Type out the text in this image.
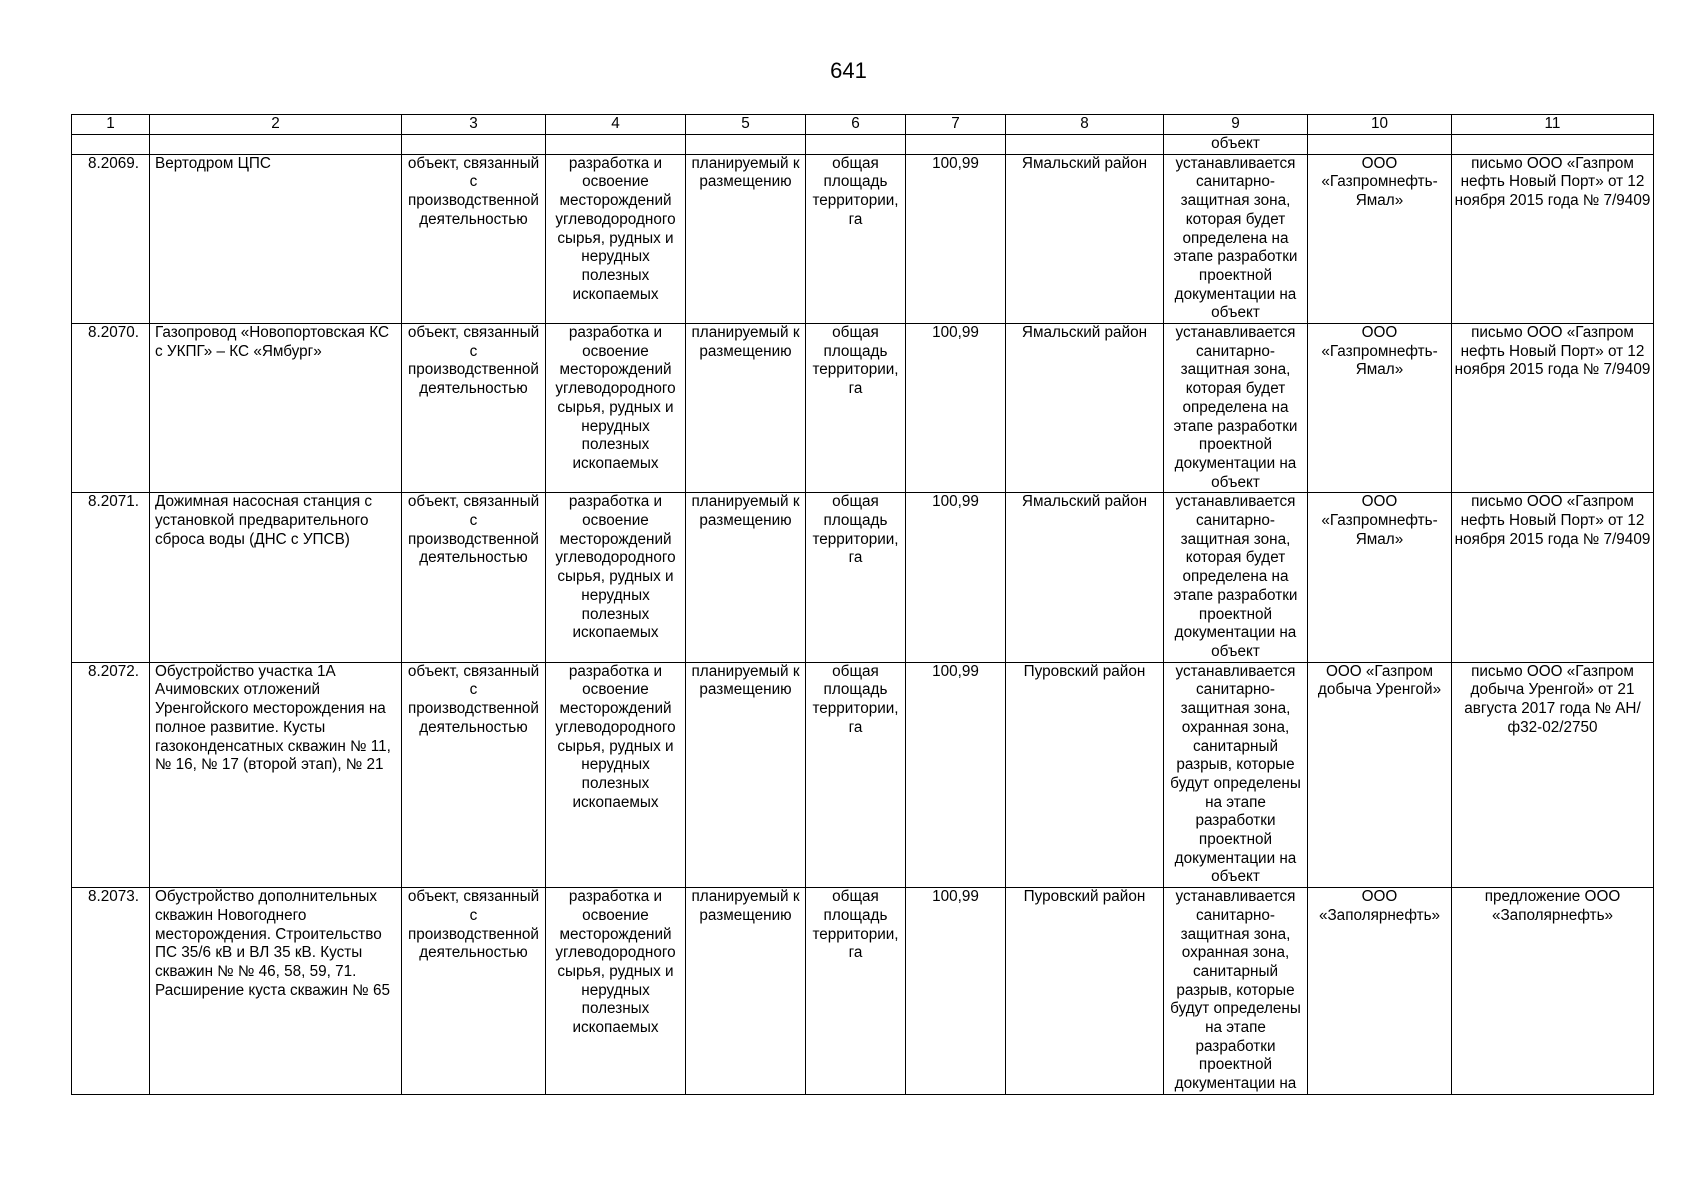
641
1	2	3	4	5	6	7	8	9	10	11
								объект		
8.2069.	Вертодром ЦПС	объект, связанный с производственной деятельностью	разработка и освоение месторождений углеводородного сырья, рудных и нерудных полезных ископаемых	планируемый к размещению	общая площадь территории, га	100,99	Ямальский район	устанавливается санитарно-защитная зона, которая будет определена на этапе разработки проектной документации на объект	ООО «Газпромнефть-Ямал»	письмо ООО «Газпром нефть Новый Порт» от 12 ноября 2015 года № 7/9409
8.2070.	Газопровод «Новопортовская КС с УКПГ» – КС «Ямбург»	объект, связанный с производственной деятельностью	разработка и освоение месторождений углеводородного сырья, рудных и нерудных полезных ископаемых	планируемый к размещению	общая площадь территории, га	100,99	Ямальский район	устанавливается санитарно-защитная зона, которая будет определена на этапе разработки проектной документации на объект	ООО «Газпромнефть-Ямал»	письмо ООО «Газпром нефть Новый Порт» от 12 ноября 2015 года № 7/9409
8.2071.	Дожимная насосная станция с установкой предварительного сброса воды (ДНС с УПСВ)	объект, связанный с производственной деятельностью	разработка и освоение месторождений углеводородного сырья, рудных и нерудных полезных ископаемых	планируемый к размещению	общая площадь территории, га	100,99	Ямальский район	устанавливается санитарно-защитная зона, которая будет определена на этапе разработки проектной документации на объект	ООО «Газпромнефть-Ямал»	письмо ООО «Газпром нефть Новый Порт» от 12 ноября 2015 года № 7/9409
8.2072.	Обустройство участка 1А Ачимовских отложений Уренгойского месторождения на полное развитие. Кусты газоконденсатных скважин № 11, № 16, № 17 (второй этап), № 21	объект, связанный с производственной деятельностью	разработка и освоение месторождений углеводородного сырья, рудных и нерудных полезных ископаемых	планируемый к размещению	общая площадь территории, га	100,99	Пуровский район	устанавливается санитарно-защитная зона, охранная зона, санитарный разрыв, которые будут определены на этапе разработки проектной документации на объект	ООО «Газпром добыча Уренгой»	письмо ООО «Газпром добыча Уренгой» от 21 августа 2017 года № АН/ф32-02/2750
8.2073.	Обустройство дополнительных скважин Новогоднего месторождения. Строительство ПС 35/6 кВ и ВЛ 35 кВ. Кусты скважин № № 46, 58, 59, 71. Расширение куста скважин № 65	объект, связанный с производственной деятельностью	разработка и освоение месторождений углеводородного сырья, рудных и нерудных полезных ископаемых	планируемый к размещению	общая площадь территории, га	100,99	Пуровский район	устанавливается санитарно-защитная зона, охранная зона, санитарный разрыв, которые будут определены на этапе разработки проектной документации на	ООО «Заполярнефть»	предложение ООО «Заполярнефть»
